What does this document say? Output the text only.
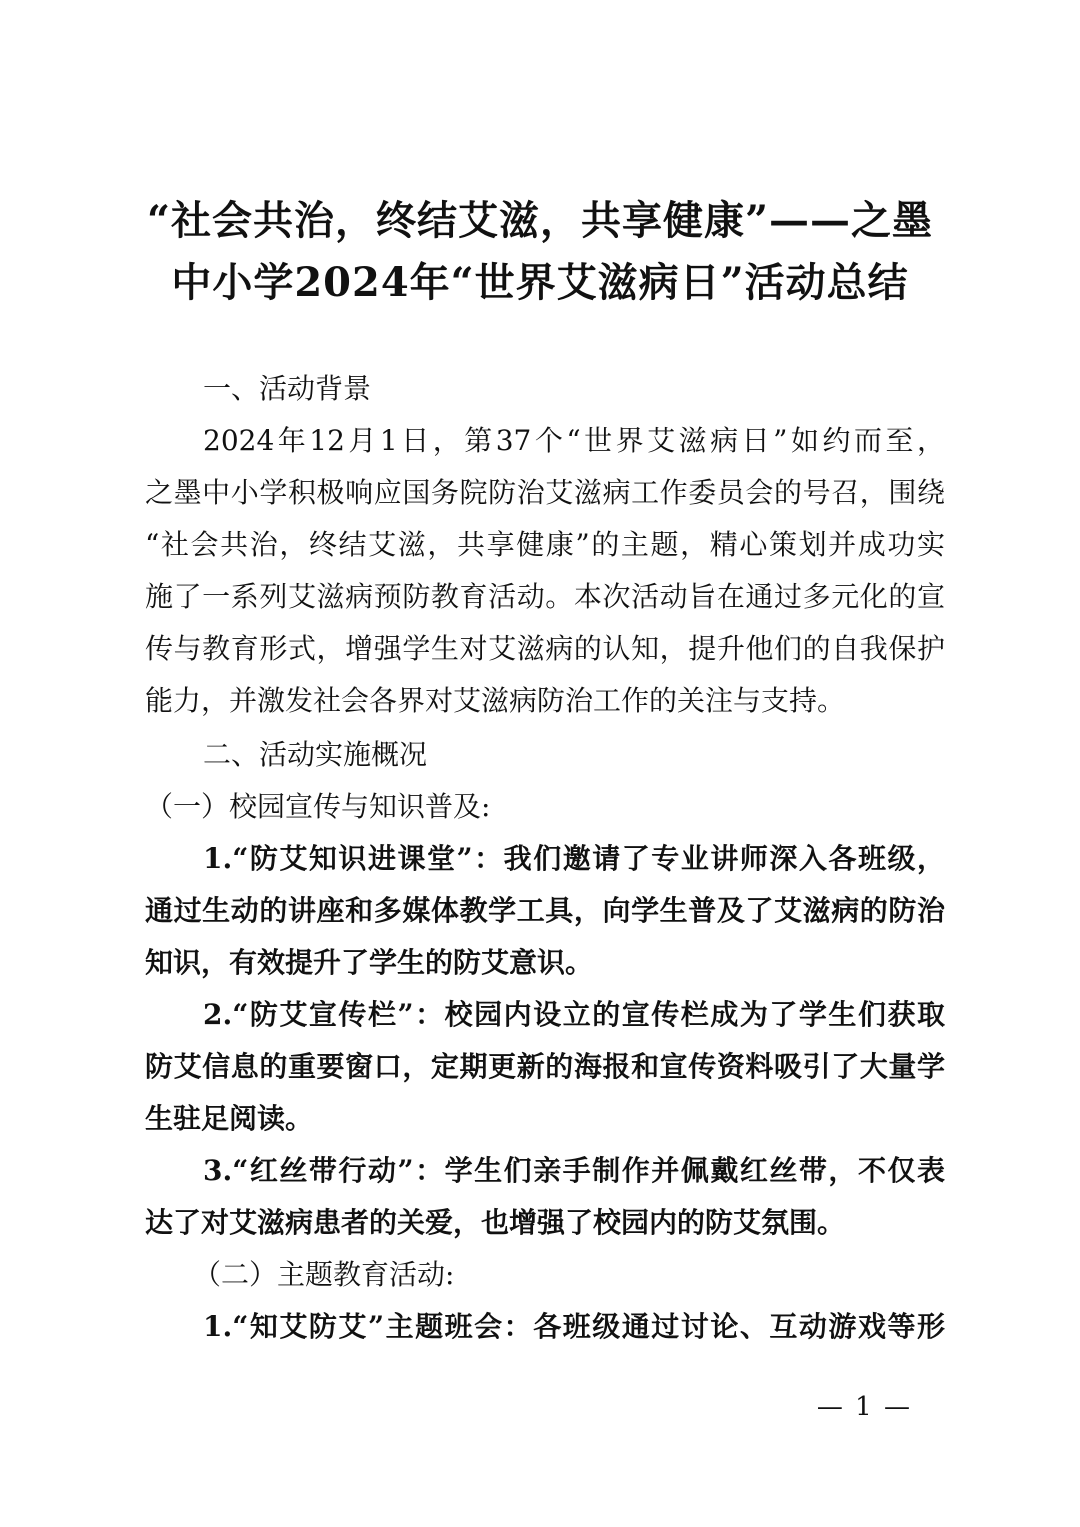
“社会共治，终结艾滋，共享健康”——之墨
中小学2024年“世界艾滋病日”活动总结
一、活动背景
2024年12月1日，第37个“世界艾滋病日”如约而至，
之墨中小学积极响应国务院防治艾滋病工作委员会的号召，围绕
“社会共治，终结艾滋，共享健康”的主题，精心策划并成功实
施了一系列艾滋病预防教育活动。本次活动旨在通过多元化的宣
传与教育形式，增强学生对艾滋病的认知，提升他们的自我保护
能力，并激发社会各界对艾滋病防治工作的关注与支持。
二、活动实施概况
（一）校园宣传与知识普及:
1.“防艾知识进课堂”：我们邀请了专业讲师深入各班级，
通过生动的讲座和多媒体教学工具，向学生普及了艾滋病的防治
知识，有效提升了学生的防艾意识。
2.“防艾宣传栏”：校园内设立的宣传栏成为了学生们获取
防艾信息的重要窗口，定期更新的海报和宣传资料吸引了大量学
生驻足阅读。
3.“红丝带行动”：学生们亲手制作并佩戴红丝带，不仅表
达了对艾滋病患者的关爱，也增强了校园内的防艾氛围。
（二）主题教育活动:
1.“知艾防艾”主题班会：各班级通过讨论、互动游戏等形
— 1 —
